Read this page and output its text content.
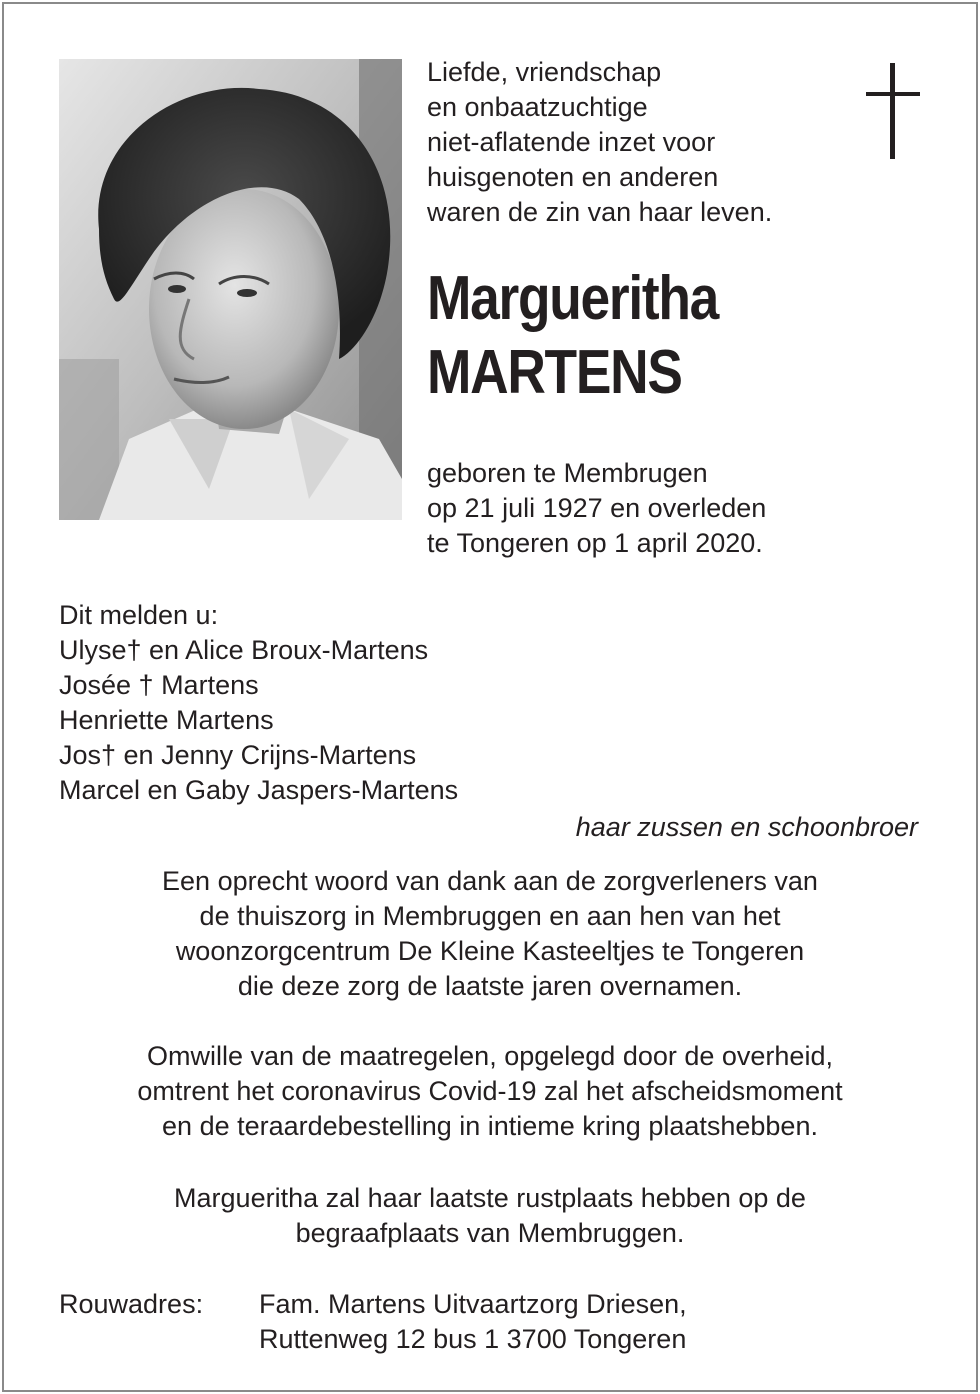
Liefde, vriendschap
en onbaatzuchtige
niet-aflatende inzet voor
huisgenoten en anderen
waren de zin van haar leven.
Margueritha
MARTENS
geboren te Membrugen
op 21 juli 1927 en overleden
te Tongeren op 1 april 2020.
Dit melden u:
Ulyse† en Alice Broux-Martens
Josée † Martens
Henriette Martens
Jos† en Jenny Crijns-Martens
Marcel en Gaby Jaspers-Martens
haar zussen en schoonbroer
Een oprecht woord van dank aan de zorgverleners van
de thuiszorg in Membruggen en aan hen van het
woonzorgcentrum De Kleine Kasteeltjes te Tongeren
die deze zorg de laatste jaren overnamen.
Omwille van de maatregelen, opgelegd door de overheid,
omtrent het coronavirus Covid-19 zal het afscheidsmoment
en de teraardebestelling in intieme kring plaatshebben.
Margueritha zal haar laatste rustplaats hebben op de
begraafplaats van Membruggen.
Rouwadres: Fam. Martens Uitvaartzorg Driesen,
Ruttenweg 12 bus 1 3700 Tongeren
